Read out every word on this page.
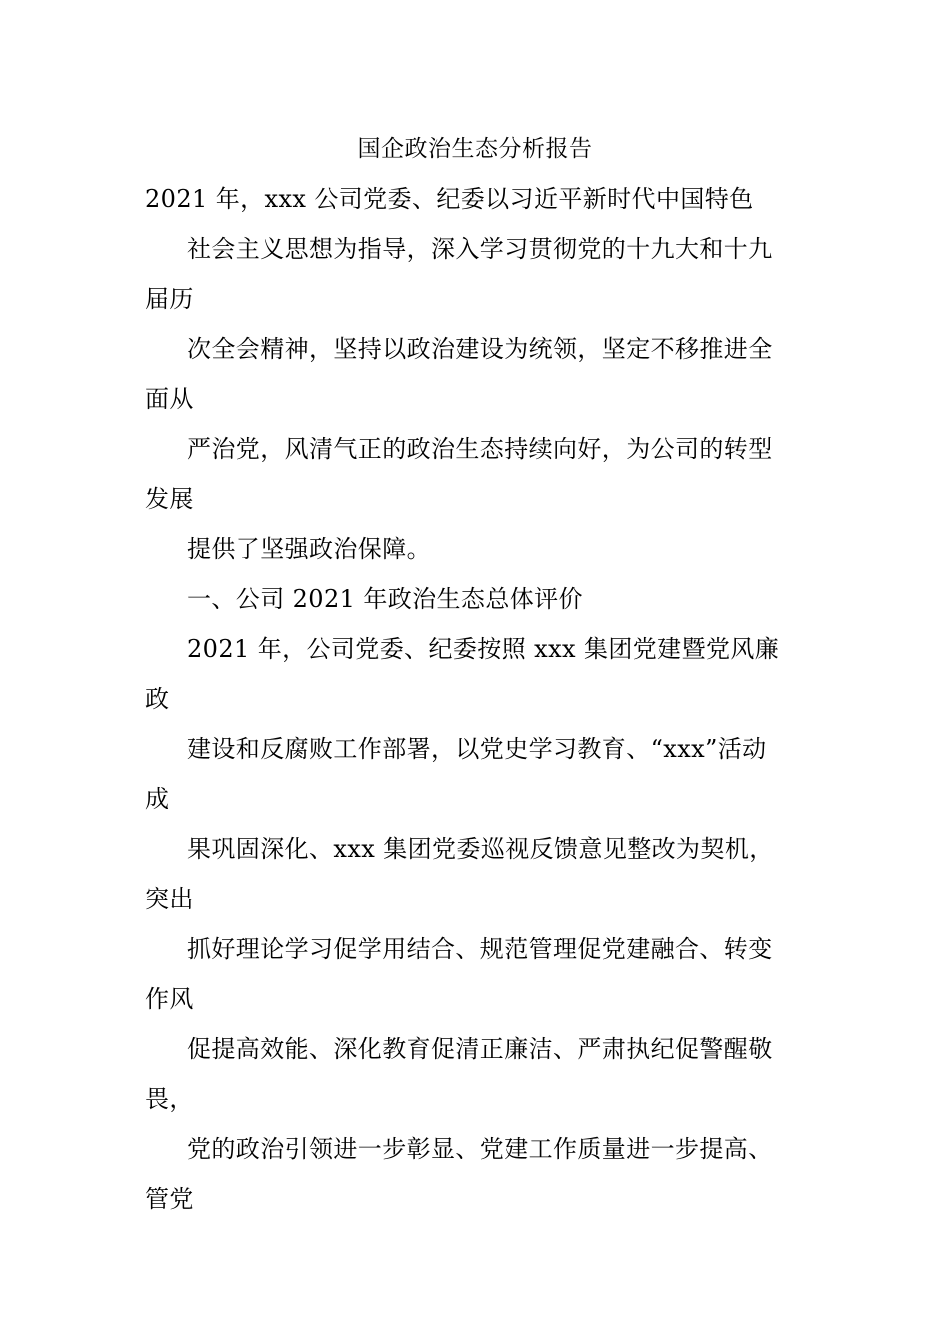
国企政治生态分析报告
2021 年，xxx 公司党委、纪委以习近平新时代中国特色
社会主义思想为指导，深入学习贯彻党的十九大和十九
届历
次全会精神，坚持以政治建设为统领，坚定不移推进全
面从
严治党，风清气正的政治生态持续向好，为公司的转型
发展
提供了坚强政治保障。
一、公司 2021 年政治生态总体评价
2021 年，公司党委、纪委按照 xxx 集团党建暨党风廉
政
建设和反腐败工作部署，以党史学习教育、“xxx”活动
成
果巩固深化、xxx 集团党委巡视反馈意见整改为契机，
突出
抓好理论学习促学用结合、规范管理促党建融合、转变
作风
促提高效能、深化教育促清正廉洁、严肃执纪促警醒敬
畏，
党的政治引领进一步彰显、党建工作质量进一步提高、
管党
